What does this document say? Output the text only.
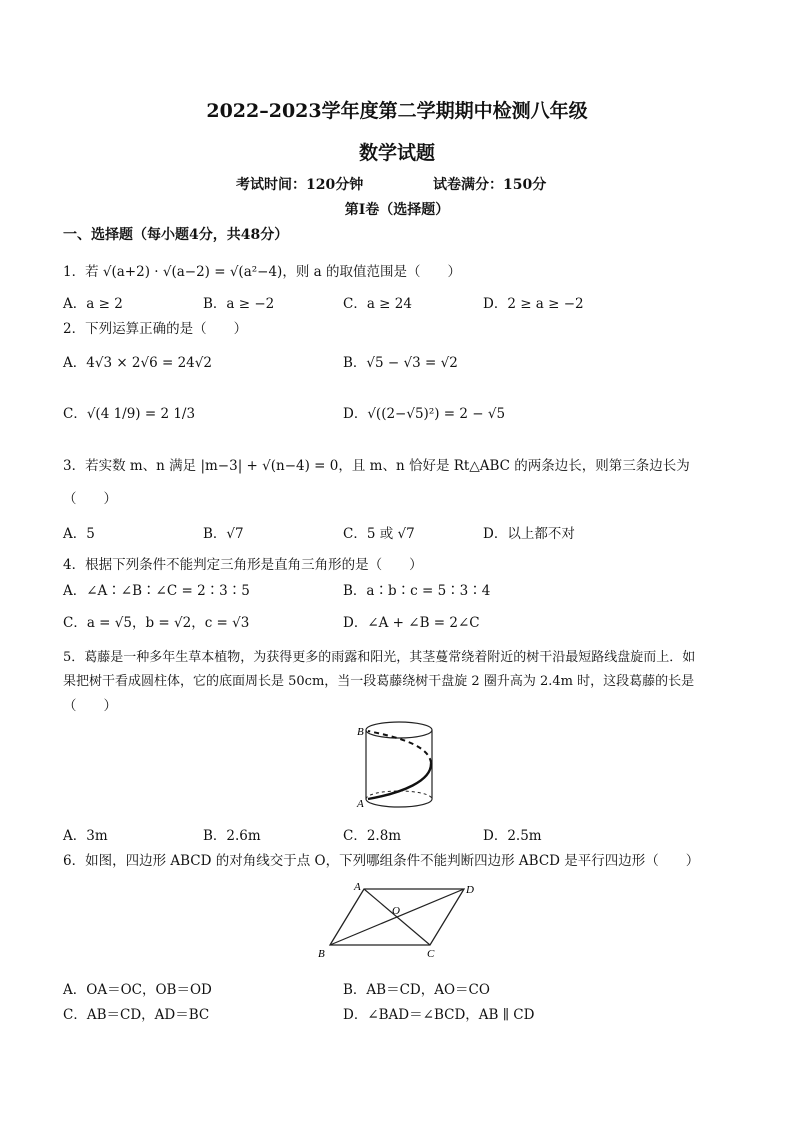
2022–2023学年度第二学期期中检测八年级
数学试题
考试时间：120分钟	试卷满分：150分
第Ⅰ卷（选择题）
一、选择题（每小题4分，共48分）
1．若 √(a+2) · √(a−2) = √(a²−4)，则 a 的取值范围是（　　）
A．a ≥ 2	B．a ≥ −2	C．a ≥ 24	D．2 ≥ a ≥ −2
2．下列运算正确的是（　　）
A．4√3 × 2√6 = 24√2	B．√5 − √3 = √2
C．√(4 1/9) = 2 1/3	D．√((2−√5)²) = 2 − √5
3．若实数 m、n 满足 |m−3| + √(n−4) = 0，且 m、n 恰好是 Rt△ABC 的两条边长，则第三条边长为
（　　）
A．5	B．√7	C．5 或 √7	D．以上都不对
4．根据下列条件不能判定三角形是直角三角形的是（　　）
A．∠A∶∠B∶∠C = 2∶3∶5	B．a∶b∶c = 5∶3∶4
C．a = √5，b = √2，c = √3	D．∠A + ∠B = 2∠C
5．葛藤是一种多年生草本植物，为获得更多的雨露和阳光，其茎蔓常绕着附近的树干沿最短路线盘旋而上．如
果把树干看成圆柱体，它的底面周长是 50cm，当一段葛藤绕树干盘旋 2 圈升高为 2.4m 时，这段葛藤的长是
（　　）
B
A
A．3m	B．2.6m	C．2.8m	D．2.5m
6．如图，四边形 ABCD 的对角线交于点 O，下列哪组条件不能判断四边形 ABCD 是平行四边形（　　）
A	D
O
B	C
A．OA＝OC，OB＝OD	B．AB＝CD，AO＝CO
C．AB＝CD，AD＝BC	D．∠BAD＝∠BCD，AB ∥ CD
